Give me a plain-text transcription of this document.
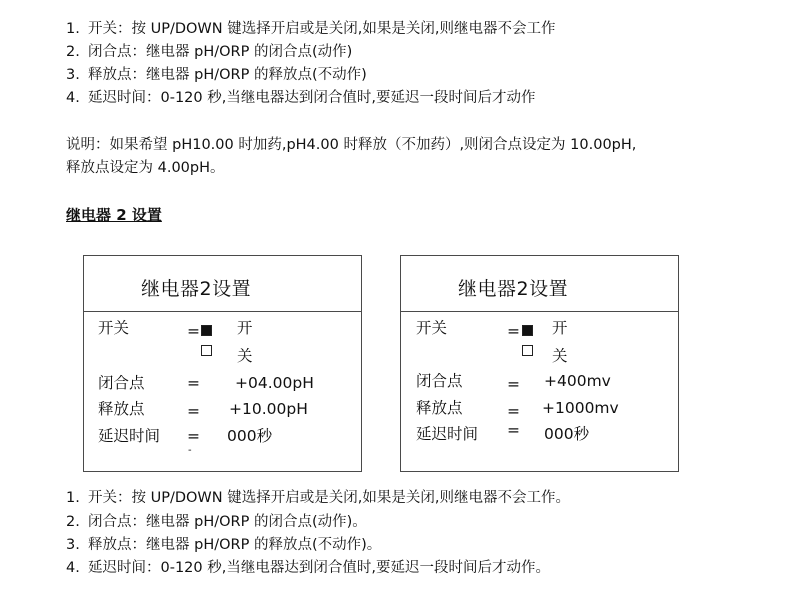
1. 开关：按 UP/DOWN 键选择开启或是关闭,如果是关闭,则继电器不会工作
2. 闭合点：继电器 pH/ORP 的闭合点(动作)
3. 释放点：继电器 pH/ORP 的释放点(不动作)
4. 延迟时间：0-120 秒,当继电器达到闭合值时,要延迟一段时间后才动作
说明：如果希望 pH10.00 时加药,pH4.00 时释放（不加药）,则闭合点设定为 10.00pH,
释放点设定为 4.00pH。
继电器 2 设置
继电器2设置
开关	= 开
关
闭合点	= +04.00pH
释放点	= +10.00pH
延迟时间 = 000秒
-
继电器2设置
开关	= 开
关
闭合点	= +400mv
释放点	= +1000mv
延迟时间 = 000秒
1. 开关：按 UP/DOWN 键选择开启或是关闭,如果是关闭,则继电器不会工作。
2. 闭合点：继电器 pH/ORP 的闭合点(动作)。
3. 释放点：继电器 pH/ORP 的释放点(不动作)。
4. 延迟时间：0-120 秒,当继电器达到闭合值时,要延迟一段时间后才动作。
